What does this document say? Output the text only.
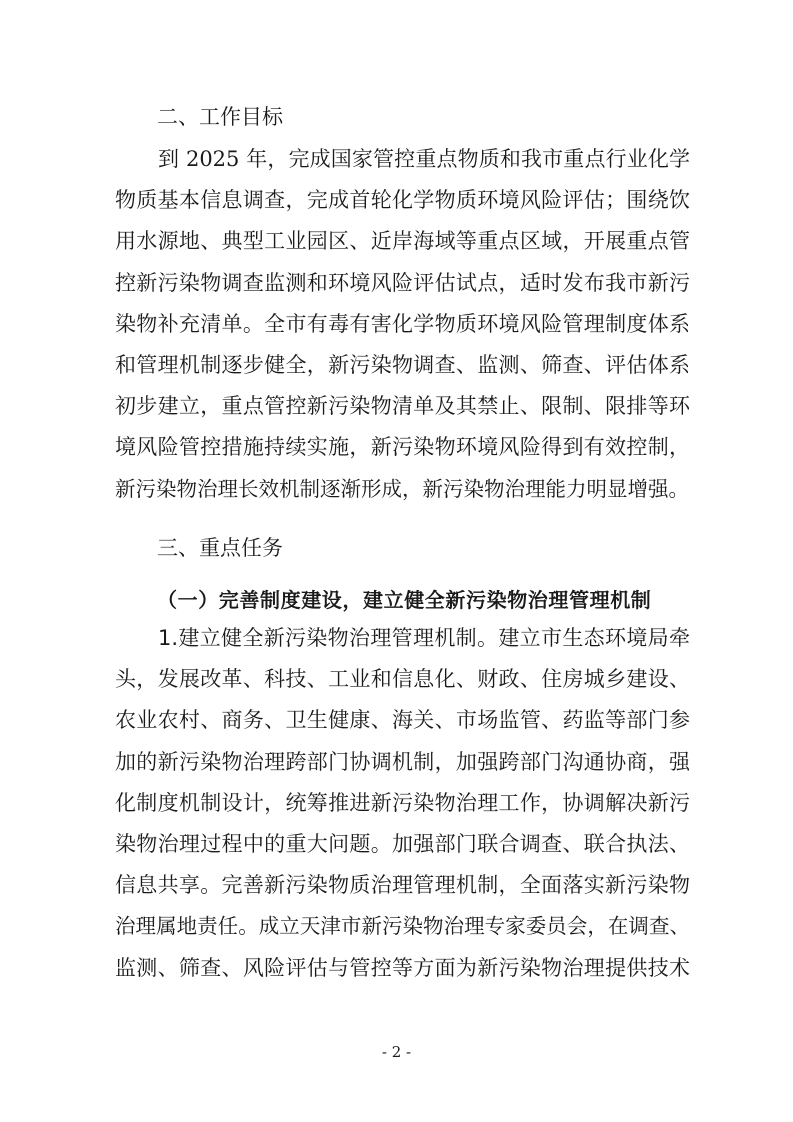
二、工作目标
到 2025 年，完成国家管控重点物质和我市重点行业化学
物质基本信息调查，完成首轮化学物质环境风险评估；围绕饮
用水源地、典型工业园区、近岸海域等重点区域，开展重点管
控新污染物调查监测和环境风险评估试点，适时发布我市新污
染物补充清单。全市有毒有害化学物质环境风险管理制度体系
和管理机制逐步健全，新污染物调查、监测、筛查、评估体系
初步建立，重点管控新污染物清单及其禁止、限制、限排等环
境风险管控措施持续实施，新污染物环境风险得到有效控制，
新污染物治理长效机制逐渐形成，新污染物治理能力明显增强。
三、重点任务
（一）完善制度建设，建立健全新污染物治理管理机制
1.建立健全新污染物治理管理机制。建立市生态环境局牵
头，发展改革、科技、工业和信息化、财政、住房城乡建设、
农业农村、商务、卫生健康、海关、市场监管、药监等部门参
加的新污染物治理跨部门协调机制，加强跨部门沟通协商，强
化制度机制设计，统筹推进新污染物治理工作，协调解决新污
染物治理过程中的重大问题。加强部门联合调查、联合执法、
信息共享。完善新污染物质治理管理机制，全面落实新污染物
治理属地责任。成立天津市新污染物治理专家委员会，在调查、
监测、筛查、风险评估与管控等方面为新污染物治理提供技术
- 2 -
